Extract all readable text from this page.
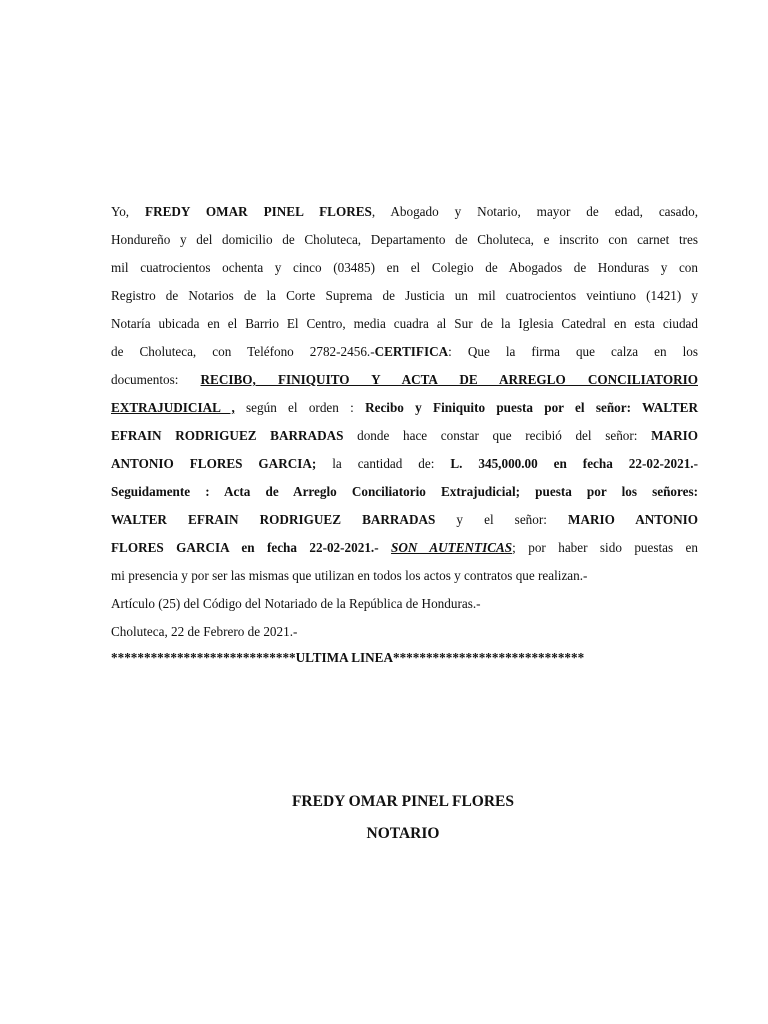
Yo, FREDY OMAR PINEL FLORES, Abogado y Notario, mayor de edad, casado,
Hondureño y del domicilio de Choluteca, Departamento de Choluteca, e inscrito con carnet tres
mil cuatrocientos ochenta y cinco (03485) en el Colegio de Abogados de Honduras y con
Registro de Notarios de la Corte Suprema de Justicia un mil cuatrocientos veintiuno (1421) y
Notaría ubicada en el Barrio El Centro, media cuadra al Sur de la Iglesia Catedral en esta ciudad
de Choluteca, con Teléfono 2782-2456.-CERTIFICA: Que la firma que calza en los
documentos: RECIBO, FINIQUITO Y ACTA DE ARREGLO CONCILIATORIO
EXTRAJUDICIAL , según el orden : Recibo y Finiquito puesta por el señor: WALTER
EFRAIN RODRIGUEZ BARRADAS donde hace constar que recibió del señor: MARIO
ANTONIO FLORES GARCIA; la cantidad de: L. 345,000.00 en fecha 22-02-2021.-
Seguidamente : Acta de Arreglo Conciliatorio Extrajudicial; puesta por los señores:
WALTER EFRAIN RODRIGUEZ BARRADAS y el señor: MARIO ANTONIO
FLORES GARCIA en fecha 22-02-2021.- SON AUTENTICAS; por haber sido puestas en
mi presencia y por ser las mismas que utilizan en todos los actos y contratos que realizan.-
Artículo (25) del Código del Notariado de la República de Honduras.-
Choluteca, 22 de Febrero de 2021.-
****************************ULTIMA LINEA*****************************
FREDY OMAR PINEL FLORES
NOTARIO
